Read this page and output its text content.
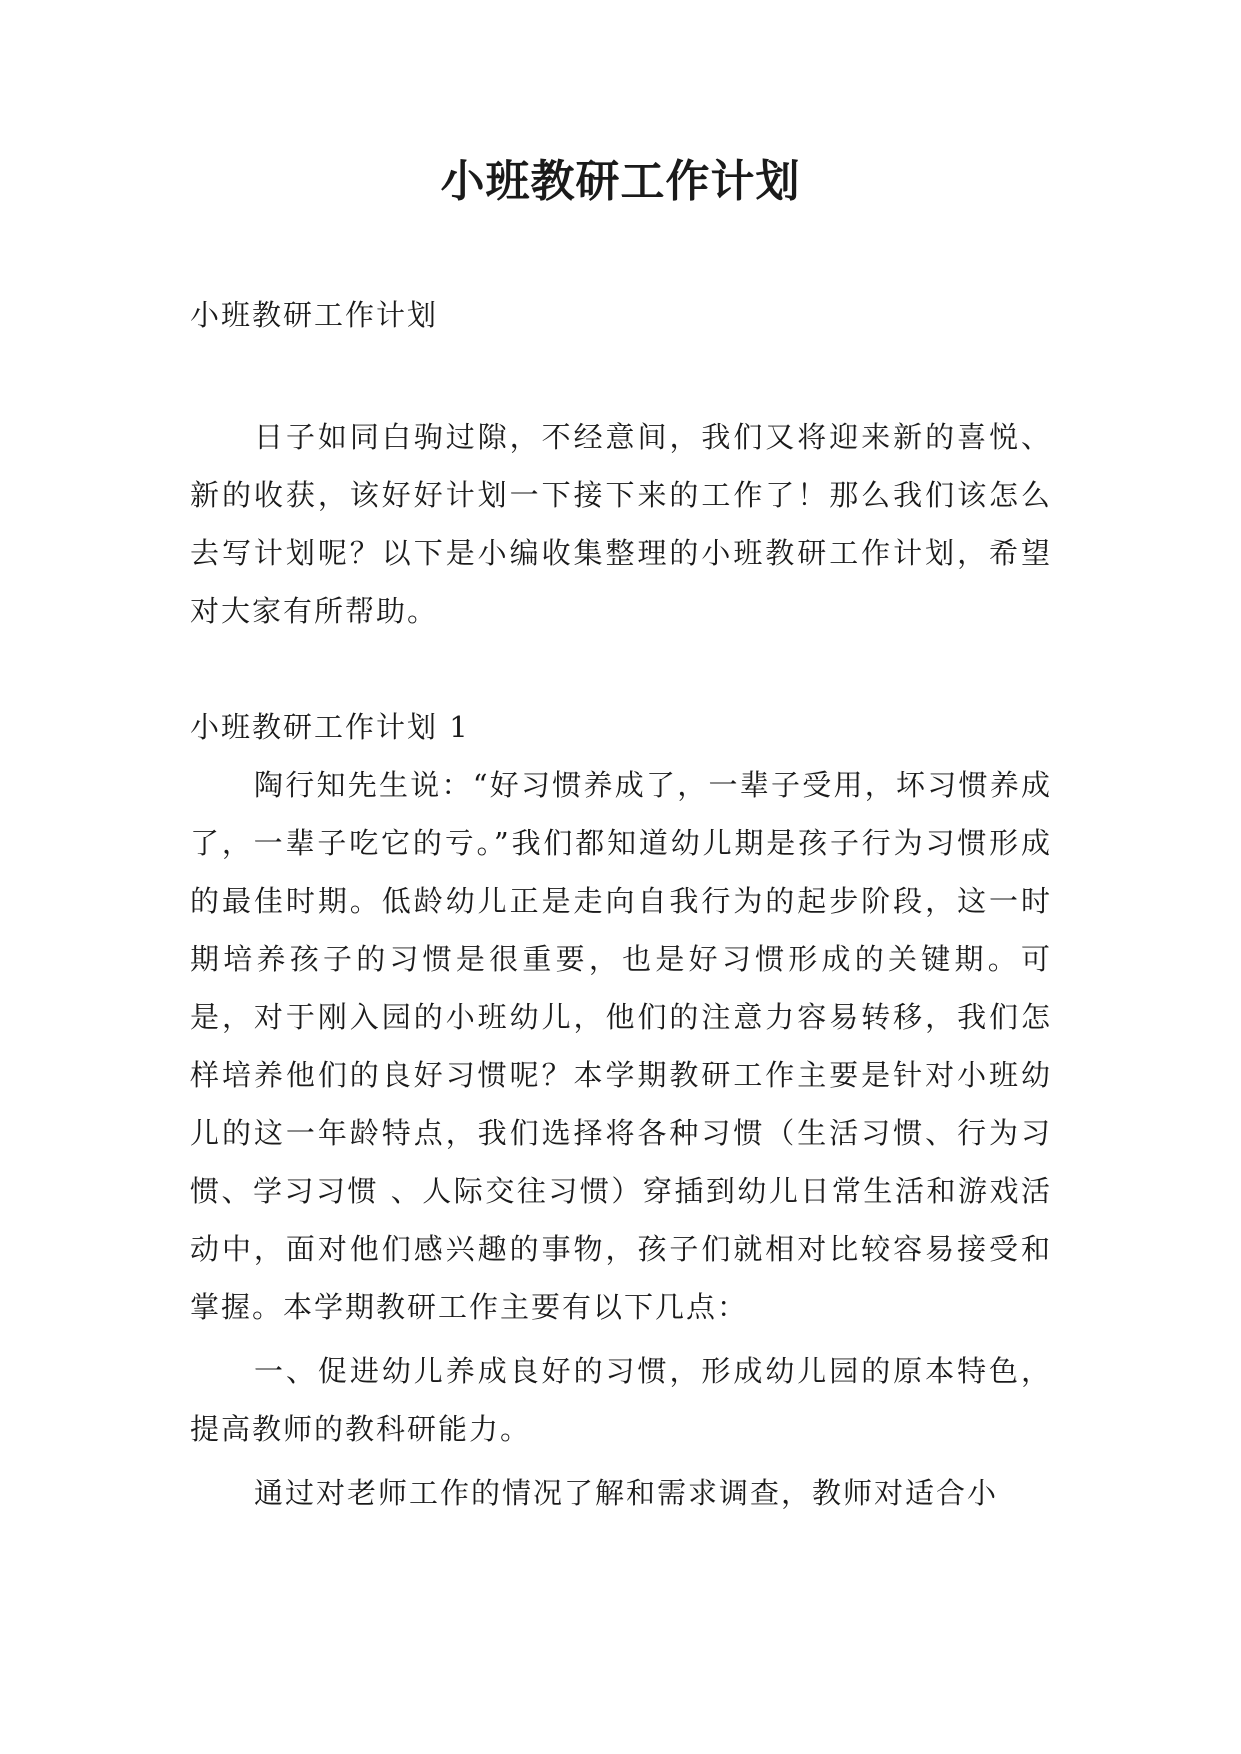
小班教研工作计划

小班教研工作计划

日子如同白驹过隙，不经意间，我们又将迎来新的喜悦、新的收获，该好好计划一下接下来的工作了！那么我们该怎么去写计划呢？以下是小编收集整理的小班教研工作计划，希望对大家有所帮助。

小班教研工作计划 1

陶行知先生说：“好习惯养成了，一辈子受用，坏习惯养成了，一辈子吃它的亏。”我们都知道幼儿期是孩子行为习惯形成的最佳时期。低龄幼儿正是走向自我行为的起步阶段，这一时期培养孩子的习惯是很重要，也是好习惯形成的关键期。可是，对于刚入园的小班幼儿，他们的注意力容易转移，我们怎样培养他们的良好习惯呢？本学期教研工作主要是针对小班幼儿的这一年龄特点，我们选择将各种习惯（生活习惯、行为习惯、学习习惯 、人际交往习惯）穿插到幼儿日常生活和游戏活动中，面对他们感兴趣的事物，孩子们就相对比较容易接受和掌握。本学期教研工作主要有以下几点：

一、促进幼儿养成良好的习惯，形成幼儿园的原本特色，提高教师的教科研能力。

通过对老师工作的情况了解和需求调查，教师对适合小
